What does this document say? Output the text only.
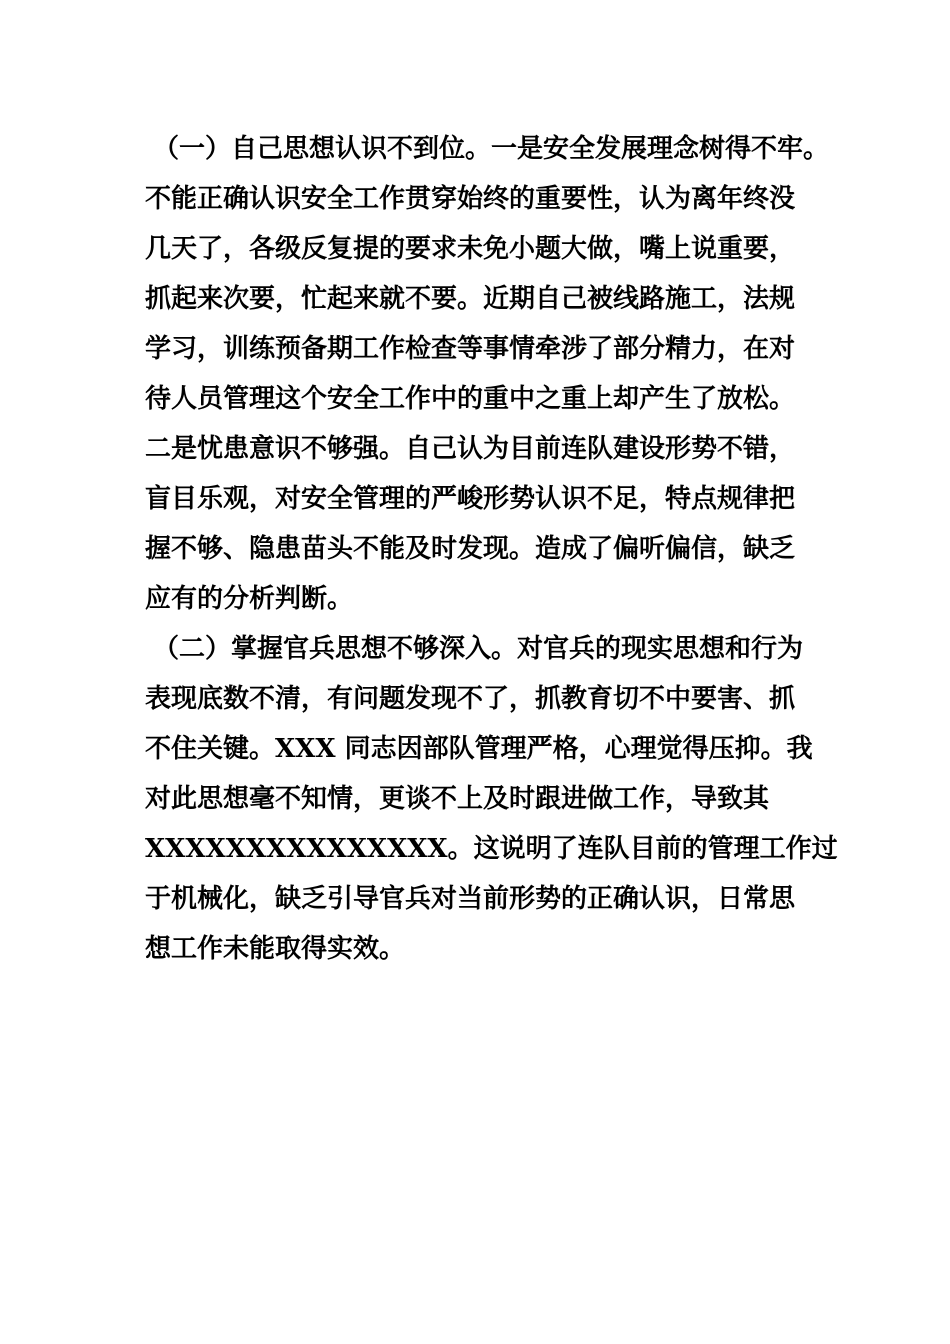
（一）自己思想认识不到位。一是安全发展理念树得不牢。
不能正确认识安全工作贯穿始终的重要性，认为离年终没
几天了，各级反复提的要求未免小题大做，嘴上说重要，
抓起来次要，忙起来就不要。近期自己被线路施工，法规
学习，训练预备期工作检查等事情牵涉了部分精力，在对
待人员管理这个安全工作中的重中之重上却产生了放松。
二是忧患意识不够强。自己认为目前连队建设形势不错，
盲目乐观，对安全管理的严峻形势认识不足，特点规律把
握不够、隐患苗头不能及时发现。造成了偏听偏信，缺乏
应有的分析判断。
（二）掌握官兵思想不够深入。对官兵的现实思想和行为
表现底数不清，有问题发现不了，抓教育切不中要害、抓
不住关键。XXX 同志因部队管理严格，心理觉得压抑。我
对此思想毫不知情，更谈不上及时跟进做工作，导致其
XXXXXXXXXXXXXXX。这说明了连队目前的管理工作过
于机械化，缺乏引导官兵对当前形势的正确认识，日常思
想工作未能取得实效。
